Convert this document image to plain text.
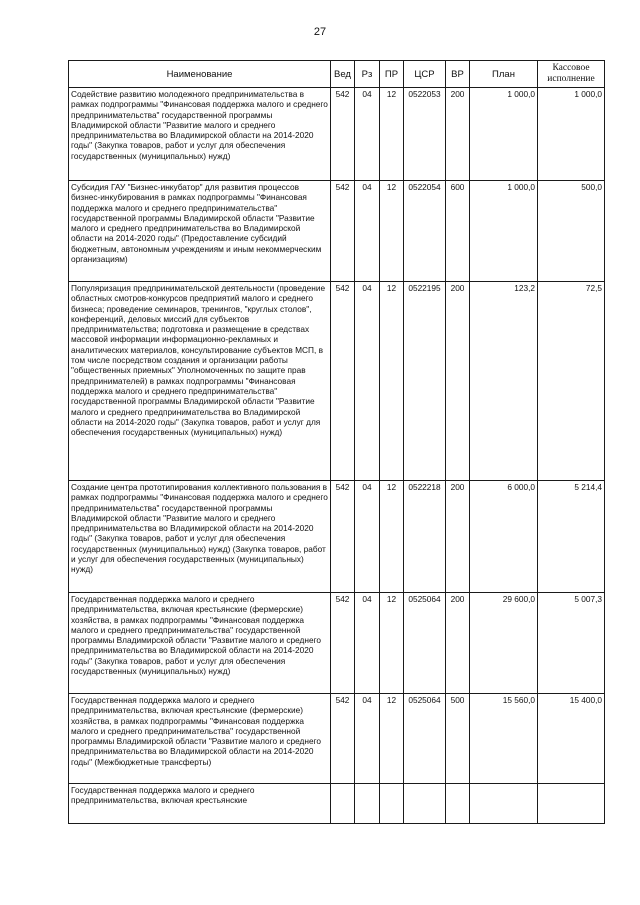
27
Наименование	Вед	Рз	ПР	ЦСР	ВР	План	Кассовое исполнение
Содействие развитию молодежного предпринимательства в рамках подпрограммы "Финансовая поддержка малого и среднего предпринимательства" государственной программы Владимирской области "Развитие малого и среднего предпринимательства во Владимирской области на 2014-2020 годы" (Закупка товаров, работ и услуг для обеспечения государственных (муниципальных) нужд)	542	04	12	0522053	200	1 000,0	1 000,0
Субсидия ГАУ "Бизнес-инкубатор" для развития процессов бизнес-инкубирования в рамках подпрограммы "Финансовая поддержка малого и среднего предпринимательства" государственной программы Владимирской области "Развитие малого и среднего предпринимательства во Владимирской области на 2014-2020 годы" (Предоставление субсидий бюджетным, автономным учреждениям и иным некоммерческим организациям)	542	04	12	0522054	600	1 000,0	500,0
Популяризация предпринимательской деятельности (проведение областных смотров-конкурсов предприятий малого и среднего бизнеса; проведение семинаров, тренингов, "круглых столов", конференций, деловых миссий для субъектов предпринимательства; подготовка и размещение в средствах массовой информации информационно-рекламных и аналитических материалов, консультирование субъектов МСП, в том числе посредством создания и организации работы "общественных приемных" Уполномоченных по защите прав предпринимателей) в рамках подпрограммы "Финансовая поддержка малого и среднего предпринимательства" государственной программы Владимирской области "Развитие малого и среднего предпринимательства во Владимирской области на 2014-2020 годы" (Закупка товаров, работ и услуг для обеспечения государственных (муниципальных) нужд)	542	04	12	0522195	200	123,2	72,5
Создание центра прототипирования коллективного пользования в рамках подпрограммы "Финансовая поддержка малого и среднего предпринимательства" государственной программы Владимирской области "Развитие малого и среднего предпринимательства во Владимирской области на 2014-2020 годы" (Закупка товаров, работ и услуг для обеспечения государственных (муниципальных) нужд) (Закупка товаров, работ и услуг для обеспечения государственных (муниципальных) нужд)	542	04	12	0522218	200	6 000,0	5 214,4
Государственная поддержка малого и среднего предпринимательства, включая крестьянские (фермерские) хозяйства, в рамках подпрограммы "Финансовая поддержка малого и среднего предпринимательства" государственной программы Владимирской области "Развитие малого и среднего предпринимательства во Владимирской области на 2014-2020 годы" (Закупка товаров, работ и услуг для обеспечения государственных (муниципальных) нужд)	542	04	12	0525064	200	29 600,0	5 007,3
Государственная поддержка малого и среднего предпринимательства, включая крестьянские (фермерские) хозяйства, в рамках подпрограммы "Финансовая поддержка малого и среднего предпринимательства" государственной программы Владимирской области "Развитие малого и среднего предпринимательства во Владимирской области на 2014-2020 годы" (Межбюджетные трансферты)	542	04	12	0525064	500	15 560,0	15 400,0
Государственная поддержка малого и среднего предпринимательства, включая крестьянские							
